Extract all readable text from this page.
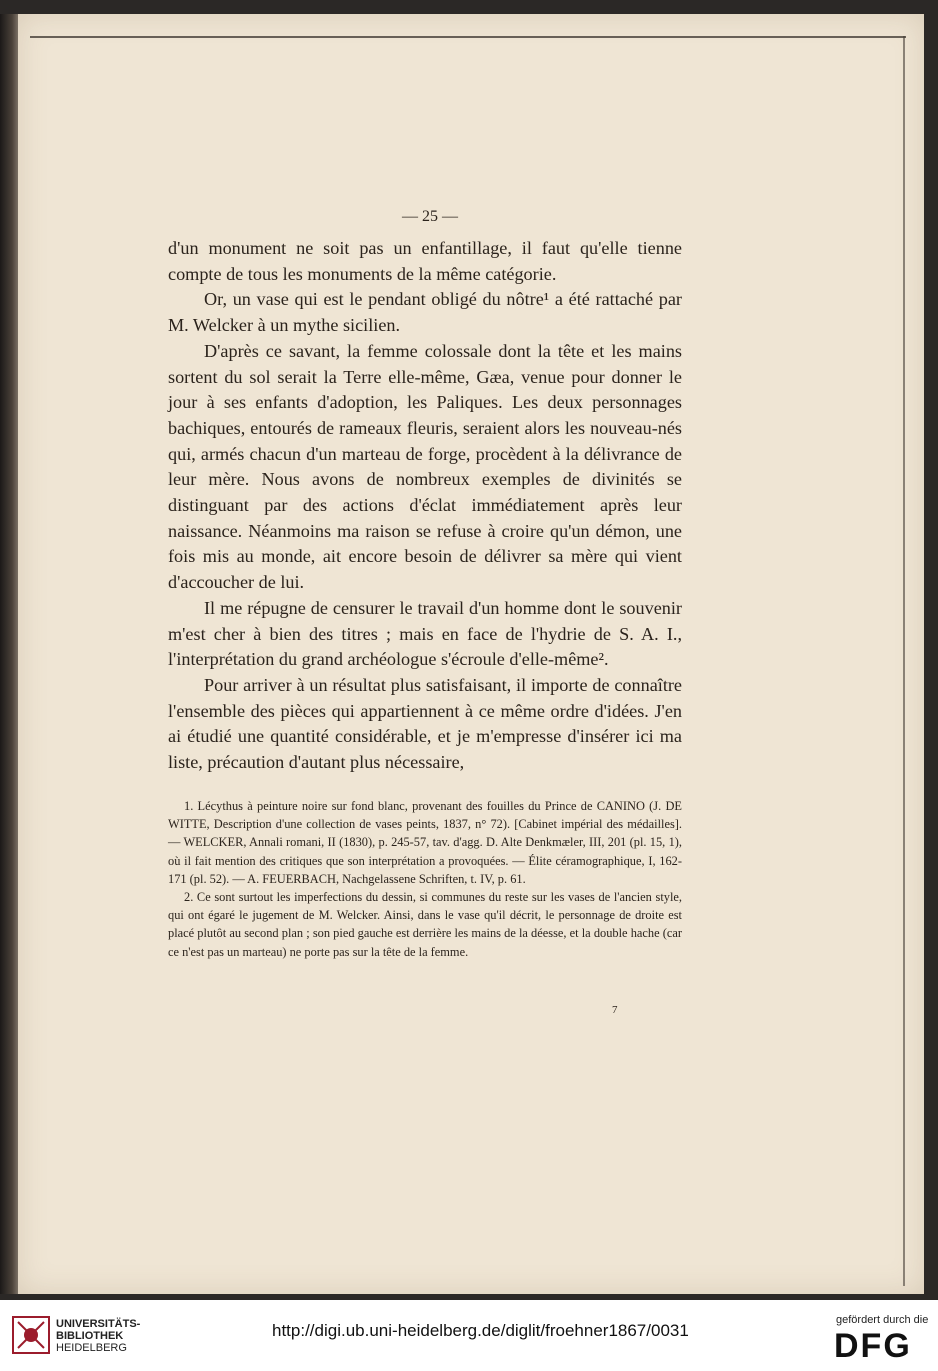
— 25 —

d'un monument ne soit pas un enfantillage, il faut qu'elle tienne compte de tous les monuments de la même catégorie.

Or, un vase qui est le pendant obligé du nôtre¹ a été rattaché par M. Welcker à un mythe sicilien.

D'après ce savant, la femme colossale dont la tête et les mains sortent du sol serait la Terre elle-même, Gæa, venue pour donner le jour à ses enfants d'adoption, les Paliques. Les deux personnages bachiques, entourés de rameaux fleuris, seraient alors les nouveau-nés qui, armés chacun d'un marteau de forge, procèdent à la délivrance de leur mère. Nous avons de nombreux exemples de divinités se distinguant par des actions d'éclat immédiatement après leur naissance. Néanmoins ma raison se refuse à croire qu'un démon, une fois mis au monde, ait encore besoin de délivrer sa mère qui vient d'accoucher de lui.

Il me répugne de censurer le travail d'un homme dont le souvenir m'est cher à bien des titres ; mais en face de l'hydrie de S. A. I., l'interprétation du grand archéologue s'écroule d'elle-même².

Pour arriver à un résultat plus satisfaisant, il importe de connaître l'ensemble des pièces qui appartiennent à ce même ordre d'idées. J'en ai étudié une quantité considérable, et je m'empresse d'insérer ici ma liste, précaution d'autant plus nécessaire,

1. Lécythus à peinture noire sur fond blanc, provenant des fouilles du Prince de CANINO (J. DE WITTE, Description d'une collection de vases peints, 1837, n° 72). [Cabinet impérial des médailles]. — WELCKER, Annali romani, II (1830), p. 245-57, tav. d'agg. D. Alte Denkmæler, III, 201 (pl. 15, 1), où il fait mention des critiques que son interprétation a provoquées. — Élite céramographique, I, 162-171 (pl. 52). — A. FEUERBACH, Nachgelassene Schriften, t. IV, p. 61.

2. Ce sont surtout les imperfections du dessin, si communes du reste sur les vases de l'ancien style, qui ont égaré le jugement de M. Welcker. Ainsi, dans le vase qu'il décrit, le personnage de droite est placé plutôt au second plan ; son pied gauche est derrière les mains de la déesse, et la double hache (car ce n'est pas un marteau) ne porte pas sur la tête de la femme.

7
UNIVERSITÄTS-
BIBLIOTHEK
HEIDELBERG
http://digi.ub.uni-heidelberg.de/diglit/froehner1867/0031
gefördert durch die
DFG
